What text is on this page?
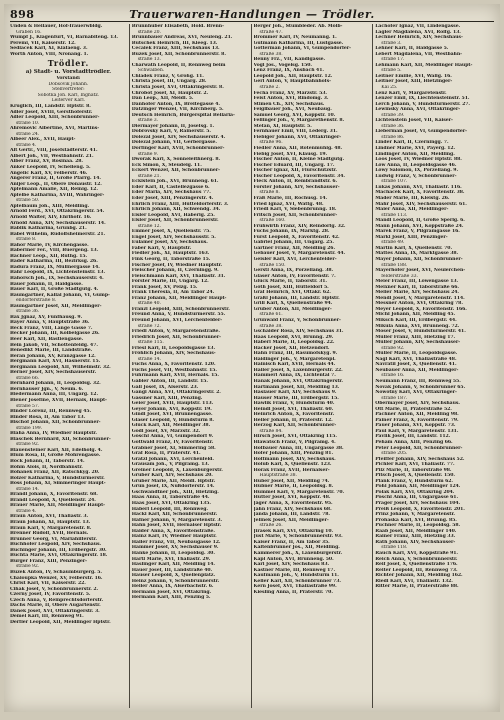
898	Trauerwaren-Handlungen — Trödler.
Unden & Hellauer, Hof-Trauerwbldg.
Graben 16.
Wumpf J., Klagenfurt, VI, Barnabiteng. 13.
Peremi, VII, Kaiserstr. 12.
Sedlacek Karl, XI, Klafaeng. 3.
Worth Anton, VIII, Nronang. 1.
Trödler.
a) Stadt- u. Vorstadttrödler.
Vorstand:
Dobšovik Johann.
Stellvertreter:
Sobotka Joh. Karl, Ingnatz.
Leiterver Karl.
Kruglich, III, Landstr. Hptstr. 8.
Adler Josef, XVIII, Gersthoferstr.
Adler Leopold, XIII, Schönbrunner-
straße 10.
Ahremovic Albertine, XVI, Martins-
straße 24.
Albeer Alex., XVII, Haupt-
straße 4.
Alt Gertr., VIII, Josefstädterstr. 41.
Albert Joh., VII, Westbahnstr. 21.
Alber Franz, XV, Rosinaa. 28.
Anker Leopold, IV, Schelleng. 5.
Angelic Karl, XV, Felberstr. 46.
Angerer Franz, II, Große Pfarrg. 14.
Anijer Leop., II, Obere Donaustr. 12.
Apfelmann Amalie, XII, Reinig. 12.
Apfelbe Katharina, XVIII, Währinger-
straße 50.
Apfelbaum Joh., XIII, Meidling.
Arnold Ferd., XVI, Ottakringerstr. 54.
Arnold Walter, XIV, Ehrlhofr. 16.
Arnold Anna, XIV, Sechshauserstr. 14.
Bablik Katharina, Grünbg. 21.
Babel Wilhelm, Rudolfsheimerstr. 21.
straße 8.
Bahor Marie, IV, Kirchengasse.
Baberiner Fer., VIII, Buergeng. 13.
Bachner Leop., XII, Ruthg. 15.
Bader Katharina, III, Bezirksg. 26.
Badura Franz, IX, Müllnergasse 14.
Bahr Leopold, IX, Lichtensteinstr. 13.
Bahorsch Joh., IX, Sechshauserstr. 4.
Bauer Johann, II, Haidgasse.
Bauer Karl, II, Große Stadtgutg. 4.
Baumgartner, Kallal Johann, VI, Gump-
endorferstraße 8.
Baumgartner Josef, XII, Meidlinger-
straße 36.
Bax Jgnaz, XV, Fünfhausg. 9.
Bayer Anna, V, Hauptstraße 36.
Beck Franz, VIII, Lange Gasse 7.
Becker Johann, III, Kölbelgasse 26.
Beer Karl, XII, Bastiengasse.
Bein Jakob, VII, Schottenfeldg. 47.
Benedikt Marie, III, Landstraße.
Beran Johann, XV, Kranzgasse 12.
Bergmann Karl, XVI, Hasnerstr. 15.
Bergmann Leopold, XII, Wilhelmstr. 32.
Berner Josef, XIV, Sechshauserstr.
straße 66.
Bernhard Johann, II, Leopoldsg. 32.
Bernhauser Jgn., V, Neum. 6.
Biedermann Anna, III, Ungarg. 12.
Biener Josefine, XVII, Hernals, Haupt-
straße 57.
Binder Lorenz, III, Rennweg 45.
Binder Rosa, II, Am Tabor 13.
Bischof Johann, XII, Schönbrunner-
straße 199.
Blaha Anna, IV, Wiedner Hauptstr.
Blaschek Bernhard, XII, Schönbrunner-
straße 92.
Blauensteiner Karl, XII, Edelhofg. 4.
Blum Rosa, II, Große Mohrengasse.
Böck Johann, II, Taborstr. 14.
Böhm Alois, II, Nordbahnstr.
Bohanek Franz, XII, Ratschkyg. 20.
Bolzer Katharina, V, Hundsturmerstr.
Boss Johann, XI, Simmeringer Haupt-
straße 14.
Brandl Johann, X, Favoritenstr. 68.
Brandl Leopold, X, Quellenstr. 24.
Brauer Marie, XII, Meidlinger Haupt-
straße 4.
Braun Anton, XVI, Thaliastr. 3.
Braun Johann, XI, Hauptstr. 13.
Braun Karl, V, Margaretenstr. 8.
Brenner Rudolf, XVII, Hernals.
Brunner Georg, VI, Mariahilferstr.
Buchhofer Leopold, XIV, Sechshaus.
Buchinger Johann, III, Erdbergstr. 30.
Buchta Marie, XVI, Ottakringerstr. 18.
Burger Franz, XIII, Penzinger-
straße 92.
Buzek Anton, IV, Schaumburgerg. 5.
Chaloupka Wenzel, XV, Felberstr. 16.
Christ Karl, VII, Kaiserstr. 22.
Cihak Josef, V, Schönbrunnerstr. 2.
Czerny Josef, IV, Favoritenstr. 5.
Czech Anna, V, Reinprechtsdorferstr.
Dachs Marie, II, Obere Augartenstr.
Danek Josef, XVI, Ottakringerstr. 3.
Demel Karl, III, Rennweg 91.
Derfler Leopold, XII, Meidlinger Hptstr.
Brunnhuber Elisabeth, Hold. Brenn-
straße 20.
Brunnbauer Andreas, XVI, Neuleng. 21.
Butschek Heinrich, III, Kleeg. 13.
Cecalek Franz, XIII, Sechshaus 13.
Buzek Josef, XII, Schönbrunnerstr. 8.
straße 13.
Charwath Leopold, II, Rennweg beim
Schwalben.
Chladek Franz, V, Grohg. 11.
Christa Josef, III, Ungarg. 28.
Christa Josef, XVI, Ottakringerstr. 8.
Chrobot Josef, XI, Hauptstr. 2.
Dan Leop., XII, Meidl. 5.
Danhofer Anton, IX, Breitegasse 4.
Datzinger Wenzel, VII, Kirchberg. 5.
Deutsch Heinrich, Bürgerspital Bellaria-
straße 3.
Diermayer Johann, II, Josefsg. 1.
Dobrovsky Karl, V, Rainerstr. 5.
Dolezal Josef, XIV, Sechshauserstr. 4.
Doležal Johann, VII, Gerbergasse.
Dorfinger Karl, XVII, Schönbrunner-
straße 9.
Dworak Karl, X, Sonneleithnerg. 8.
Eck Simon, X, Steudelg. 11.
Eckert Wenzel, XII, Schönbrunner-
straße 21.
Ecklstein Joh., XVI, Brunneng. 61.
Eder Karl, II, Castellezgasse 6.
Eder Maria, XIV, Sechshaus 77.
Eder Josef, XIII, Penzingerstr. 4.
Ehrlich Franz, XIII, Hütteldorferstr. 3.
Ehrlich Johann, XII, Schwendg. 34.
Eisler Leopold, XVI, Haberlg. 25.
Elsler Josef, XII, Schönbrunnerstr.
straße 12.
Emmer Josef, X, Quellenstr. 75.
Engel Josef, XIV, Sechshausstr. 5.
Eulamer Josef, XV, Sechshaus.
Faber Karl, V, Hauptstr.
Fiedler Joh., XI, Hauptstr. 163.
Fink Georg, II, Taborstraße 15.
Fischer Josef, IV, Wiedner Hauptstr.
Fleischer Johann, II, Czerningg. 9.
Fleischmann Karl, XVI, Thaliastr. 31.
Förster Marie, III, Ungarg. 12.
Frank Josef, XV, Pelzg. 15.
Frank Theresia, II, Am Tabor 24.
Franz Johann, XII, Meidlinger Haupt-
straße 40.
Franzl Leopold, XIII, Schönbrunnerstr.
Freund Anna, V, Hundsturmerstr. 55.
Freund Johann, XVI, Lerchenfelder-
straße 72.
Friedl Anton, V, Margaretenstraße.
Friedrich Josef, XII, Schönbrunner-
straße 115.
Friesl Karl, II, Leopoldsgasse 13.
Fröhlich Johann, XIV, Sechshaus-
straße 14.
Fuchs Anna, X, Favoritenstr. 120.
Fuchs Josef, VII, Westbahnstr. 15.
Fuhrmann Karl, XVII, Hernals. 15.
Gabler Anton, III, Landstr. 15.
Gall Josef, IX, Alserstr. 23.
Gangl Anna, XVI, Ottakringerstr. 2.
Gassner Karl, XIII, Penzing.
Geier Josef, XVII, Hauptstr. 113.
Geyer Johann, XVI, Koppstr. 19.
Gindl Josef, XVI, Brunnengasse.
Glaser Leopold, V, Hundsturm 8.
Glück Karl, XII, Meidlinger 38.
Gödl Josef, XV, Märzstr. 32.
Göschl Anna, VI, Gumpendorf 9.
Gottwald Franz, IV, Favoritenstr.
Grabner Josef, XI, Simmering 58.
Graf Rosa, II, Praterstr. 41.
Gratzl Johann, XVI, Lerchenfeld.
Grausam Joh., V, Pilgramg. 13.
Greiner Leopold, X, Laxenburgerstr.
Gruber Karl, XIV, Sechshaus 20.
Gruber Marie, XII, Meidl. Hptstr.
Grün Josef, IX, Nußdorferstr. 14.
Gschwandtner Joh., XIII, Hietzing.
Haas Anna, II, Taborstraße 44.
Haas Josef, XVI, Ottakring 135.
Haberl Leopold, III, Rennweg.
Hackl Karl, XII, Schönbrunnerstr.
Hafner Johann, V, Margaretenstr. 3.
Hahn Josef, XVII, Hernalser Hptstr.
Haider Anna, X, Favoritenstraße.
Hainz Karl, IV, Wiedner Hauptstr.
Haller Franz, VII, Neubaugasse 12.
Hammer Josef, XV, Sechshauser 9.
Hanke Johann, II, Leopoldsg. 30.
Hartl Marie, XVI, Thaliastr. 29.
Haslinger Karl, XII, Meidling 14.
Hauer Josef, III, Landstraße 40.
Hauser Leopold, X, Quellenplatz.
Heinz Johann, V, Schönbrunnerstr.
Heller Anna, IX, Alserbachstr. 6.
Hermann Josef, XVI, Ottakring.
Hermann Karl, XIII, Penzing 5.
Berger Joh., Stumbleder. Ab. Mölb-
straße 47.
Brommer Karl, IV, Neumanng. 1.
Gutmann Katharina, III, Lustgasse.
Gotterman Johann, VI, Gumpendorfer-
straße 38.
Benny Frz., VII, Kandlgasse.
Vogl Jos., Vogelsg. 150.
Lenz Franz, IX, Ansbach 41.
Leopold Joh., XII, Hauptstr. 12.
Gerl Anton, V, Hauptbahnhofs-
straße 2.
Fecha Franz, XV, Märzstr. 53.
Feist Anton, XVI, Rindomg. 3.
Stimen Ch., XIV, Sechshaus.
Feiglbauer Joh., XVI, Neubaug.
Samuel Georg, XVI, Koppstr. 10.
Fellinger Joh., V, Margarethenstr. 8.
Stefan, XI, Hauptstr. 5.
Fernhauer Emil, VIII, Lederg. 31.
Fiebiger Johann, XVI, Ottakringer-
straße 96.
Fiedler Anna, XII, Rotenmühlg. 48.
Fiebig Josef, XVI, Klausg. 19.
Fischer Anton, II, Kleine Stadtgutg.
Fischer Eduard, III, Ungarg. 17.
Fischer Ignaz, XII, Flurschützstr.
Fischer Leopold, X, Favoritenstr. 34.
Fleck Anton, II, Rembrandtstr. 6.
Forster Johann, XIV, Sechshauser-
straße 8.
Fraß Marie, III, Rochusg. 14.
Fried Ignaz, XVI, Wattg. 48.
Friedl Karl, V, Siebenbrunng. 18.
Fritsch Josef, XII, Schönbrunner-
straße 160.
Frühwirth Franz, XIV, Reindorfg. 32.
Fuchs Johann, IX, Marktg. 28.
Fürst Leopold, X, Favoritenstr. 42.
Gabriel Johann, III, Ungarg. 25.
Gärtner Franz, XII, Meidling 26.
Gebauer Josef, V, Margaretenstr. 44.
Geisler Karl, XVI, Lerchenfelder-
straße 150.
Gerstl Anna, IX, Porzellang. 38.
Glaser Anton, IV, Favoritenstr. 7.
Glück Marie, II, Taborstr. 31.
Göth Josef, XIII, Hütteldorf 5.
Graf Heinrich, XVI, Ottakr. 62.
Graßl Johann, III, Landstr. Hptstr.
Grill Karl, X, Quellenstraße 94.
Gruber Anton, XII, Meidlinger-
straße 61.
Grünwald Franz, V, Schönbrunner-
straße 38.
Gschaider Rosa, XIV, Sechshaus 31.
Haas Leopold, XVI, Brunng. 29.
Haberl Marie, II, Leopoldsg. 22.
Hacker Josef, XII, Hetzendorf.
Hahn Franz, III, Rasumofskyg. 9.
Haidinger Joh., V, Margaretenpl.
Hainisch Karl, XVII, Hernals 44.
Haller Josef, X, Laxenburgerstr. 22.
Hammerl Anna, IX, Lichtental 7.
Hanak Johann, XVI, Ottakringerstr.
Hartmann Josef, XII, Meidling 13.
Haslauer Karl, XIV, Sechshaus 9.
Hauser Marie, III, Erdbergstr. 15.
Hawlik Franz, V, Hundsturm 40.
Heindl Josef, XVI, Thaliastr. 60.
Heinrich Anton, X, Favoritenstr.
Heller Johann, II, Praterstr. 12.
Herzog Karl, XII, Schönbrunner-
straße 84.
Hirsch Josef, XVI, Ottakring 115.
Hlawatsch Franz, V, Pilgramg. 4.
Hofbauer Anna, III, Ungargasse 38.
Hofer Johann, XIII, Penzing 81.
Hoffmann Josef, XIV, Sechshaus.
Holub Karl, X, Quellenstr. 123.
Horak Franz, XVII, Hernalser-
Hauptstraße 38.
Huber Josef, XII, Meidling 74.
Hübner Marie, II, Leopoldsg. 8.
Hummel Karl, V, Margaretenstr. 70.
Hutter Josef, XVI, Koppstr. 48.
Jäger Anna, X, Favoritenstr. 95.
Jahn Franz, XIV, Sechshaus 68.
Janda Johann, III, Landstr. 78.
Jelinek Josef, XII, Meidlinger-
straße 26.
Jirasek Karl, XVI, Ottakring 10.
Just Marie, V, Schönbrunnerstr. 93.
Kaiser Franz, II, Am Tabor 35.
Kaltenbrunner Jos., XII, Meidling.
Kammerer Joh., X, Laxenburgerstr.
Kapl Anton, XVI, Brunneng. 50.
Karl Josef, XIV, Sechshaus 83.
Kastner Marie, III, Rennweg 17.
Kaufmann Joh., V, Hundsturm 11.
Keller Karl, XII, Schönbrunner 73.
Kern Josef, XVI, Thaliastraße 99.
Kiesling Anna, II, Praterstr. 70.
Lachofer Ignaz, VII, Lindengasse.
Lagler Magdalena, XVI, Rolfg. 13.
Lechner Heinrich, XIV, Sechshaus-
straße 3.
Lehner Karl, II, Haidgasse 5.
Lebert Magdalena, VII, Westbahn-
straße 17.
Lehmann Karl, XII, Meidlinger Haupt-
straße 5.
Leitner Emilie, XVI, Wallg. 16.
Leitner Josef, XIII, Hietzinger-
Kai 25.
Lenz Karl, V, Margaretenstr.
Lenzer Emil, IX, Liechtensteinstr. 51.
Lerch Johann, V, Hundsturmerstr. 27.
Lewinsky Anna, XVI, Ottakringer-
straße 39.
Lichtenstein Josef, VII, Kaiser-
straße 36.
Lieberman Josef, VI, Gumpendorfer-
straße 86.
Linder Karl, II, Czerningg. 7.
Lindner Marie, XVI, Payerg. 12.
Lindinger Anton, XII, Meidling.
Loos Josef, IV, Wiedner Hptstr. 88.
Löw Anna, II, Leopoldsgasse 46.
Löwy Salomon, IX, Porzellang. 9.
Ludwig Franz, V, Schönbrunner-
straße 107.
Lukas Johann, XVI, Thaliastr. 116.
Machacek Karl, X, Favoritenstr. 38.
Mader Marie, III, Kleistg. 26.
Mahr Josef, XIV, Sechshauserstr. 61.
Maier Anna, XII, Meidlinger-
straße 113.
Mandl Leopold, II, Große Sperlg. 6.
Mann Johann, XVI, Koppstraße 24.
Marek Franz, V, Pilgramgasse 16.
Markl Josef, XIII, Penzinger-
straße 49.
Martin Karl, X, Quellenstr. 70.
Mattes Anna, IX, Marktgasse 38.
Mayer Johann, XII, Schönbrunner-
straße 188.
Mayerhofer Josef, XVI, Neulerchen-
felderstraße 33.
Meier Franz, III, Löwengasse 13.
Meixner Karl, II, Taborstraße 66.
Meller Marie, XIV, Sechshaus 24.
Mendl Josef, V, Margaretenstr. 114.
Messner Anton, XVI, Ottakring 78.
Meyer Leopold, X, Favoritenstr. 166.
Michl Johann, XII, Meidling 45.
Miksch Karl, III, Erdbergstr. 44.
Mikula Anna, XVI, Brunneng. 72.
Moser Josef, V, Hundsturmerstr. 41.
Müller Franz, XIII, Hietzing 17.
Müller Johann, XIV, Sechshauser-
straße 92.
Müller Marie, II, Leopoldsgasse.
Nagl Karl, XVI, Thaliastraße 48.
Navratil Josef, X, Quellenstr. 41.
Neubauer Anna, XII, Meidlinger-
straße 16.
Neumann Franz, III, Rennweg 55.
Novak Johann, V, Schönbrunner 65.
Nowotny Karl, XVI, Ottakringer-
straße 187.
Obermayer Josef, XIV, Sechshaus.
Ott Marie, II, Praterstraße 52.
Pachner Anton, XII, Meidling 98.
Painer Franz, X, Favoritenstr. 79.
Pauer Johann, XVI, Koppstr. 73.
Paul Karl, V, Margaretenstr. 131.
Pavlik Josef, III, Landstr. 112.
Peham Anna, XIII, Penzing 66.
Peter Leopold, XII, Schönbrunner-
straße 205.
Pfeiffer Johann, XIV, Sechshaus 52.
Pichler Karl, XVI, Thaliastr. 77.
Pilz Marie, II, Taborstraße 98.
Pitsch Josef, X, Quellenstr. 150.
Plank Franz, V, Hundsturm 62.
Pohl Johann, XII, Meidlinger 124.
Polak Karl, XVI, Ottakring 204.
Pöschl Anna, III, Ungargasse 61.
Prager Josef, XIV, Sechshaus 104.
Preiß Leopold, X, Favoritenstr. 201.
Prinz Johann, V, Margaretenstr.
Prohaska Karl, XVI, Brunng. 85.
Puchner Marie, II, Leopoldsg. 58.
Raab Josef, XII, Meidlinger 140.
Rainer Franz, XIII, Hietzing 33.
Rath Johann, XIV, Sechshauser-
straße 118.
Rauch Karl, XVI, Koppstraße 91.
Reich Anna, V, Schönbrunnerstr.
Reif Josef, X, Quellenstraße 176.
Reiter Leopold, III, Rennweg 73.
Richter Johann, XII, Meidling 162.
Riedl Karl, XVI, Thaliastr. 132.
Ritter Marie, II, Praterstraße 88.
